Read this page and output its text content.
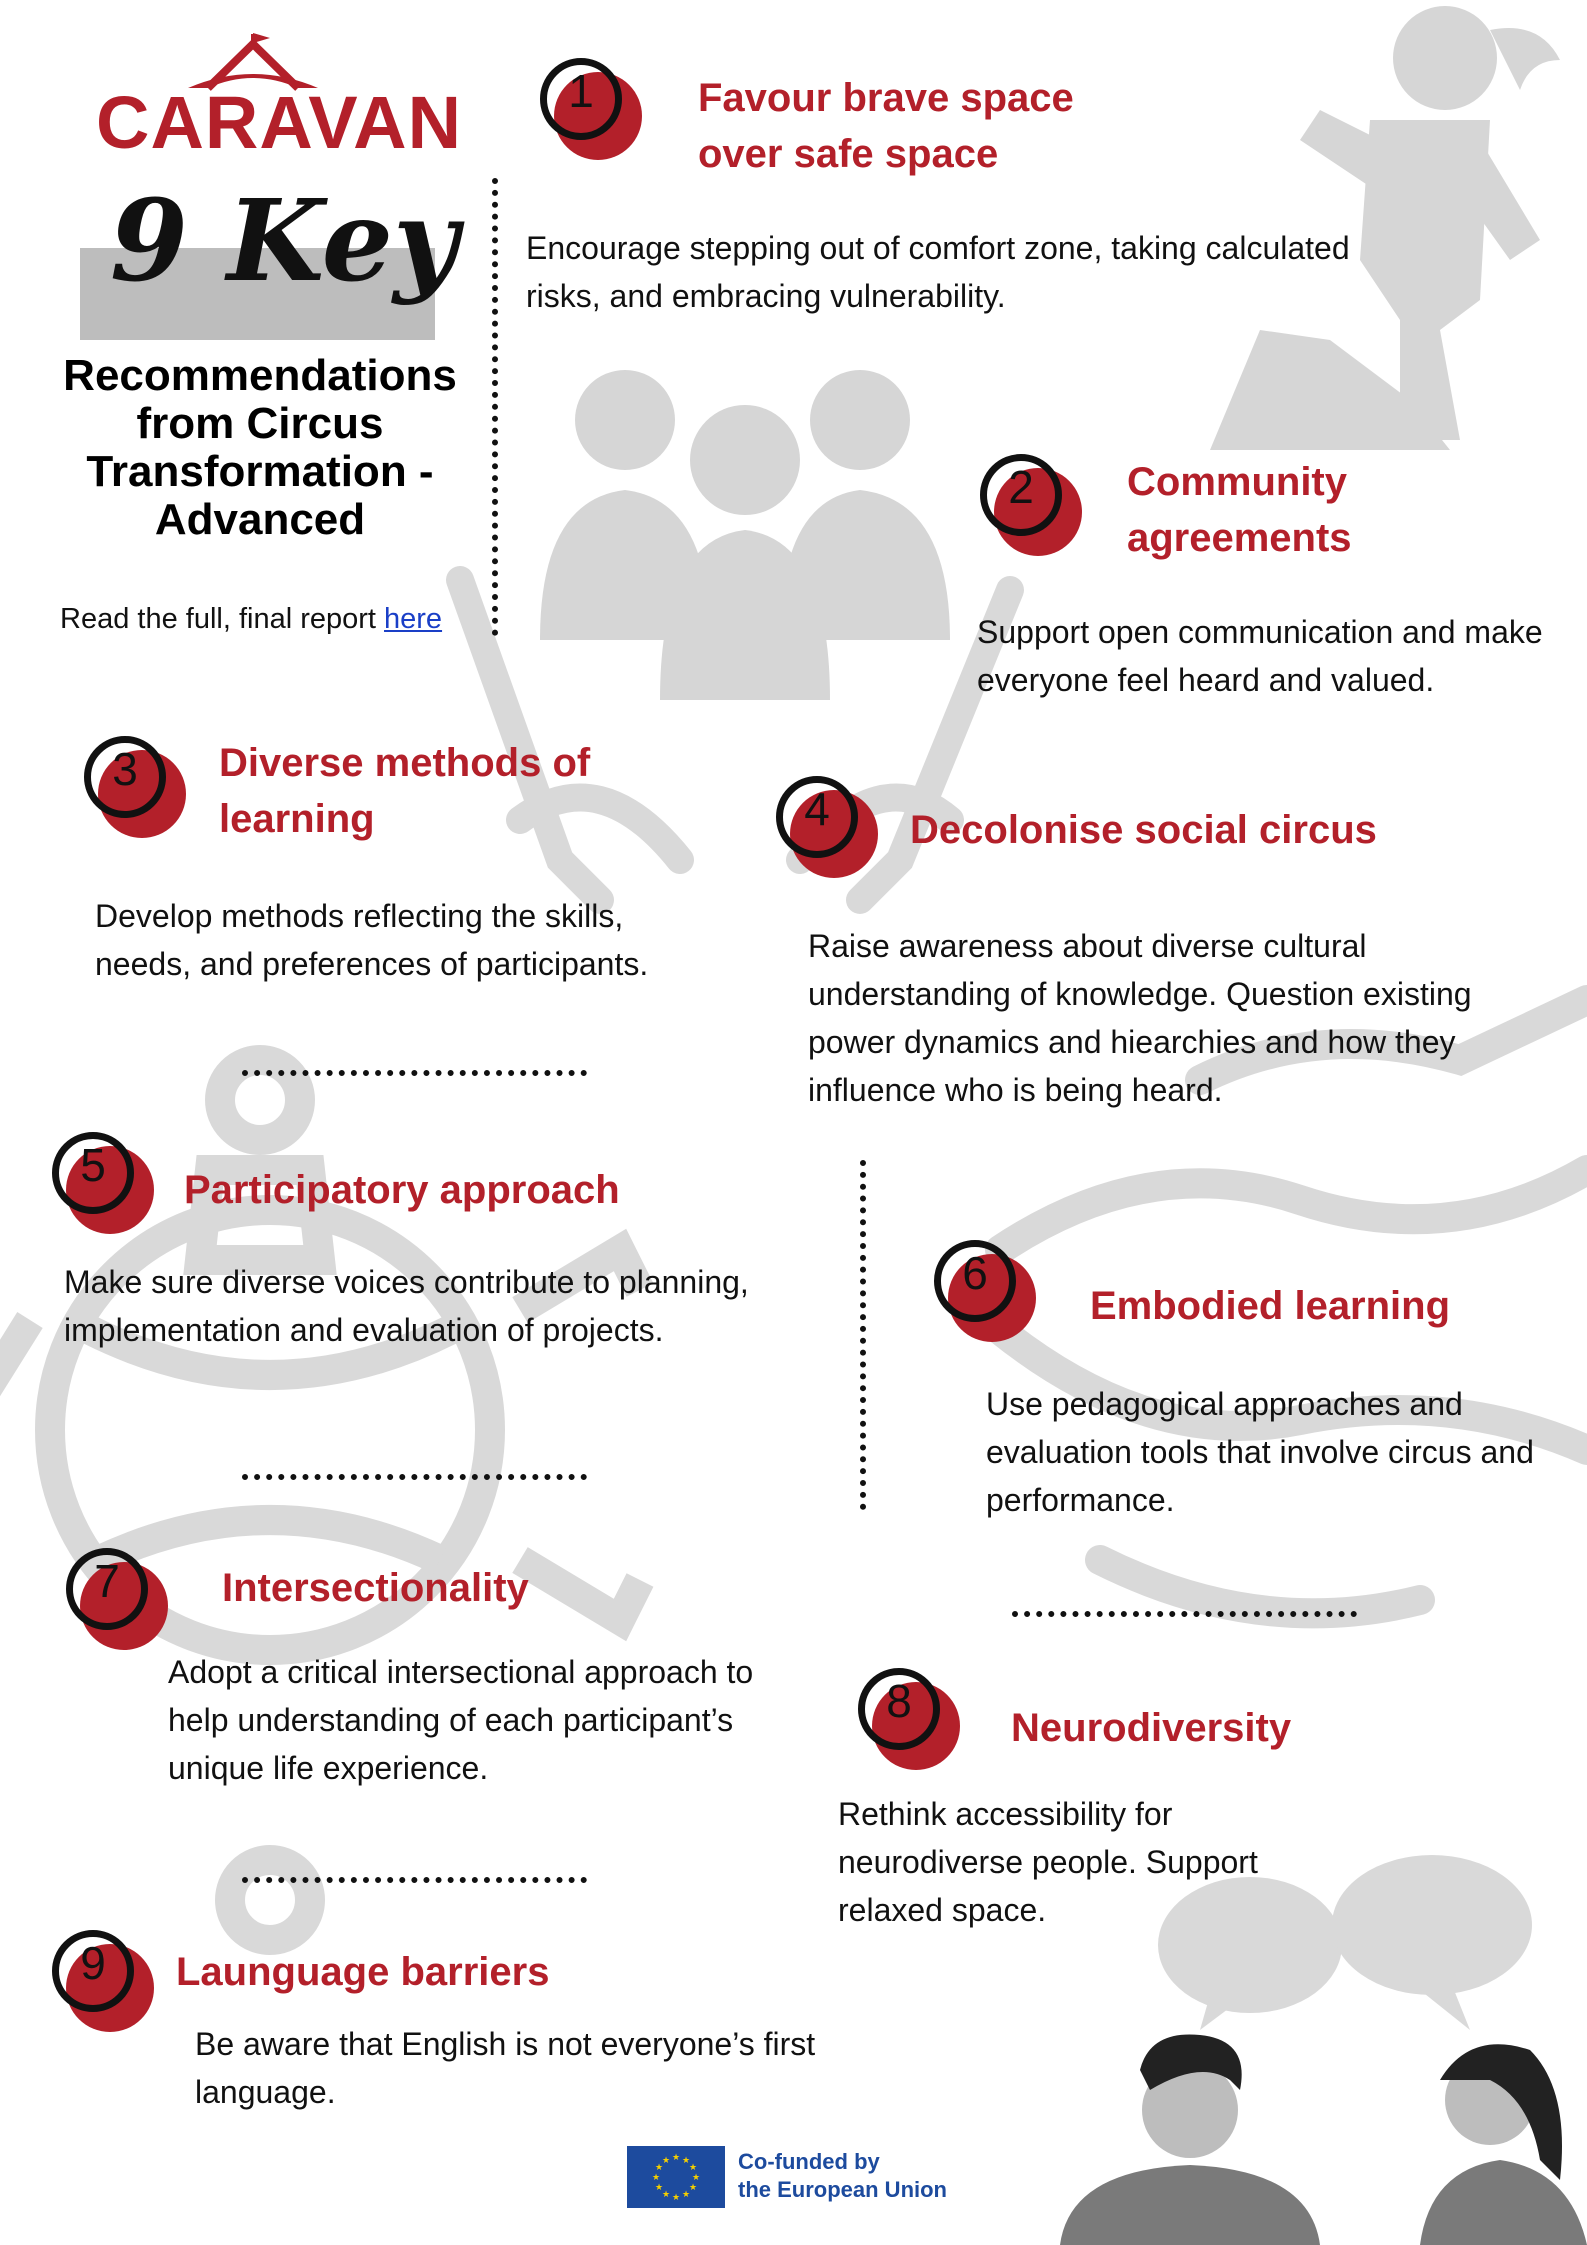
CARAVAN
9 Key
Recommendations from Circus Transformation - Advanced
Read the full, final report here
1	Favour brave space over safe space
Encourage stepping out of comfort zone, taking calculated risks, and embracing vulnerability.
2	Community agreements
Support open communication and make everyone feel heard and valued.
3	Diverse methods of learning
Develop methods reflecting the skills, needs, and preferences of participants.
4	Decolonise social circus
Raise awareness about diverse cultural understanding of knowledge. Question existing power dynamics and hiearchies and how they influence who is being heard.
5	Participatory approach
Make sure diverse voices contribute to planning, implementation and evaluation of projects.
6
Embodied learning
Use pedagogical approaches and evaluation tools that involve circus and performance.
7	Intersectionality
Adopt a critical intersectional approach to help understanding of each participant’s unique life experience.
8
Neurodiversity
Rethink accessibility for neurodiverse people. Support relaxed space.
9	Launguage barriers
Be aware that English is not everyone’s first language.
★ ★
★
★
★
★
★
★
★
★
★
★	Co-funded by
the European Union
